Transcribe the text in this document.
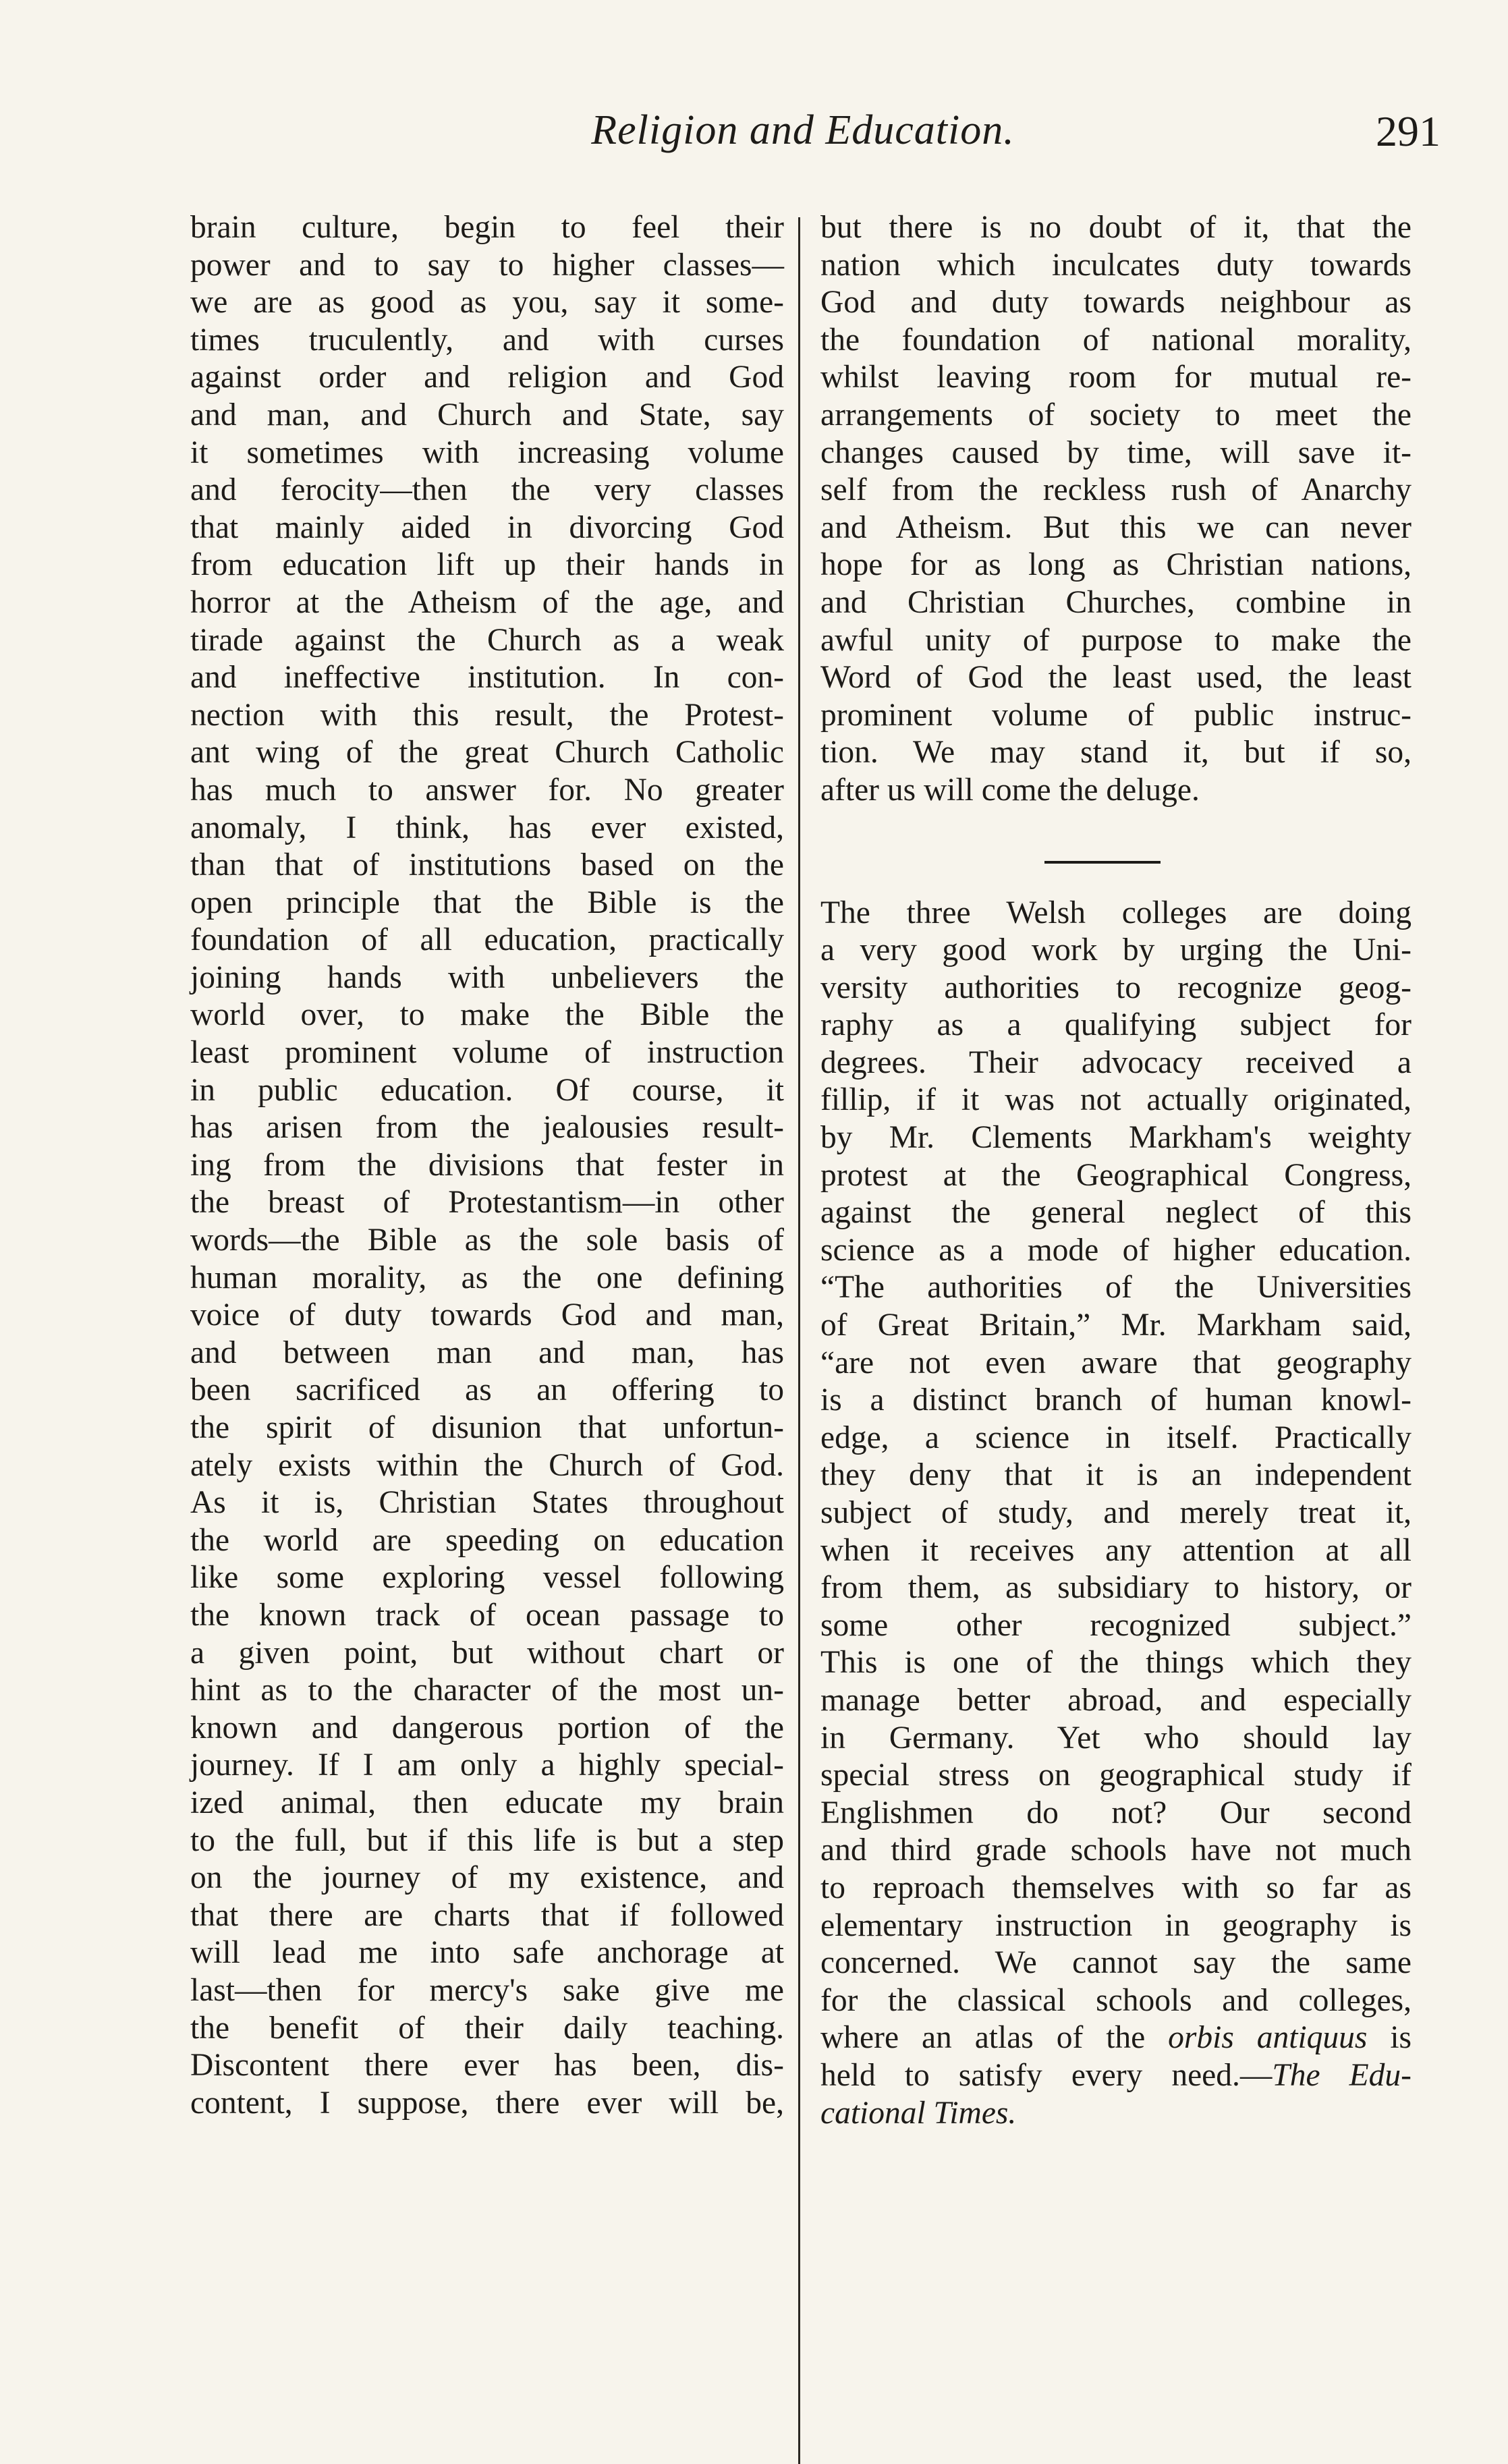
Religion and Education.	291
brain culture, begin to feel their
power and to say to higher classes—
we are as good as you, say it some-
times truculently, and with curses
against order and religion and God
and man, and Church and State, say
it sometimes with increasing volume
and ferocity—then the very classes
that mainly aided in divorcing God
from education lift up their hands in
horror at the Atheism of the age, and
tirade against the Church as a weak
and ineffective institution. In con-
nection with this result, the Protest-
ant wing of the great Church Catholic
has much to answer for. No greater
anomaly, I think, has ever existed,
than that of institutions based on the
open principle that the Bible is the
foundation of all education, practically
joining hands with unbelievers the
world over, to make the Bible the
least prominent volume of instruction
in public education. Of course, it
has arisen from the jealousies result-
ing from the divisions that fester in
the breast of Protestantism—in other
words—the Bible as the sole basis of
human morality, as the one defining
voice of duty towards God and man,
and between man and man, has
been sacrificed as an offering to
the spirit of disunion that unfortun-
ately exists within the Church of God.
As it is, Christian States throughout
the world are speeding on education
like some exploring vessel following
the known track of ocean passage to
a given point, but without chart or
hint as to the character of the most un-
known and dangerous portion of the
journey. If I am only a highly special-
ized animal, then educate my brain
to the full, but if this life is but a step
on the journey of my existence, and
that there are charts that if followed
will lead me into safe anchorage at
last—then for mercy's sake give me
the benefit of their daily teaching.
Discontent there ever has been, dis-
content, I suppose, there ever will be,
but there is no doubt of it, that the
nation which inculcates duty towards
God and duty towards neighbour as
the foundation of national morality,
whilst leaving room for mutual re-
arrangements of society to meet the
changes caused by time, will save it-
self from the reckless rush of Anarchy
and Atheism. But this we can never
hope for as long as Christian nations,
and Christian Churches, combine in
awful unity of purpose to make the
Word of God the least used, the least
prominent volume of public instruc-
tion. We may stand it, but if so,
after us will come the deluge.
The three Welsh colleges are doing
a very good work by urging the Uni-
versity authorities to recognize geog-
raphy as a qualifying subject for
degrees. Their advocacy received a
fillip, if it was not actually originated,
by Mr. Clements Markham's weighty
protest at the Geographical Congress,
against the general neglect of this
science as a mode of higher education.
“The authorities of the Universities
of Great Britain,” Mr. Markham said,
“are not even aware that geography
is a distinct branch of human knowl-
edge, a science in itself. Practically
they deny that it is an independent
subject of study, and merely treat it,
when it receives any attention at all
from them, as subsidiary to history, or
some other recognized subject.”
This is one of the things which they
manage better abroad, and especially
in Germany. Yet who should lay
special stress on geographical study if
Englishmen do not? Our second
and third grade schools have not much
to reproach themselves with so far as
elementary instruction in geography is
concerned. We cannot say the same
for the classical schools and colleges,
where an atlas of the orbis antiquus is
held to satisfy every need.—The Edu-
cational Times.
